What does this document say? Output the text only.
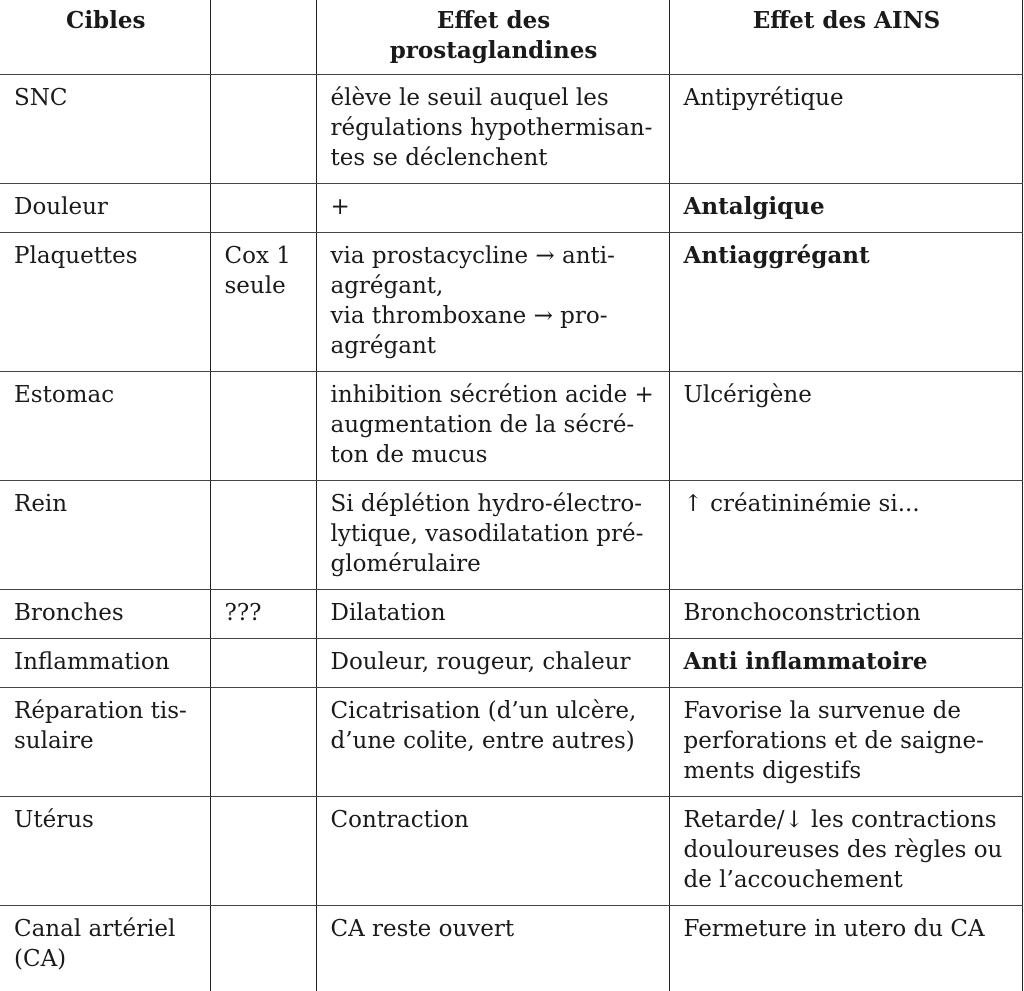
Cibles		Effet des prostaglandines	Effet des AINS

SNC		élève le seuil auquel les
régulations hypothermisan-
tes se déclenchent	Antipyrétique

Douleur		+	Antalgique

Plaquettes	Cox 1
seule	via prostacycline → anti-
agrégant,
via thromboxane → pro-
agrégant	Antiaggrégant

Estomac		inhibition sécrétion acide +
augmentation de la sécré-
ton de mucus	Ulcérigène

Rein		Si déplétion hydro-électro-
lytique, vasodilatation pré-
glomérulaire	↑ créatininémie si...

Bronches	???	Dilatation	Bronchoconstriction

Inflammation		Douleur, rougeur, chaleur	Anti inflammatoire

Réparation tis-
sulaire		Cicatrisation (d’un ulcère,
d’une colite, entre autres)	Favorise la survenue de
perforations et de saigne-
ments digestifs

Utérus		Contraction	Retarde/↓ les contractions
douloureuses des règles ou
de l’accouchement

Canal artériel
(CA)		CA reste ouvert	Fermeture in utero du CA
